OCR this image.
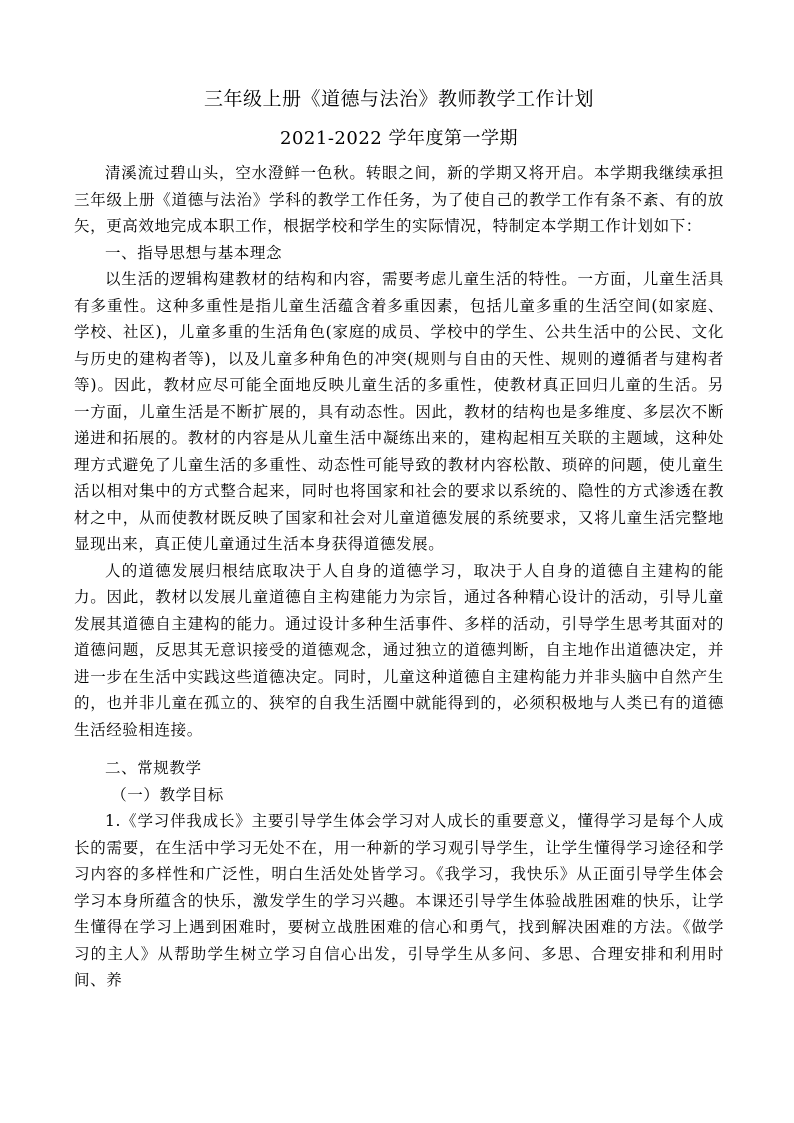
三年级上册《道德与法治》教师教学工作计划
2021-2022 学年度第一学期

清溪流过碧山头，空水澄鲜一色秋。转眼之间，新的学期又将开启。本学期我继续承担三年级上册《道德与法治》学科的教学工作任务，为了使自己的教学工作有条不紊、有的放矢，更高效地完成本职工作，根据学校和学生的实际情况，特制定本学期工作计划如下：

一、指导思想与基本理念

以生活的逻辑构建教材的结构和内容，需要考虑儿童生活的特性。一方面，儿童生活具有多重性。这种多重性是指儿童生活蕴含着多重因素，包括儿童多重的生活空间(如家庭、学校、社区)，儿童多重的生活角色(家庭的成员、学校中的学生、公共生活中的公民、文化与历史的建构者等)，以及儿童多种角色的冲突(规则与自由的天性、规则的遵循者与建构者等)。因此，教材应尽可能全面地反映儿童生活的多重性，使教材真正回归儿童的生活。另一方面，儿童生活是不断扩展的，具有动态性。因此，教材的结构也是多维度、多层次不断递进和拓展的。教材的内容是从儿童生活中凝练出来的，建构起相互关联的主题域，这种处理方式避免了儿童生活的多重性、动态性可能导致的教材内容松散、琐碎的问题，使儿童生活以相对集中的方式整合起来，同时也将国家和社会的要求以系统的、隐性的方式渗透在教材之中，从而使教材既反映了国家和社会对儿童道德发展的系统要求，又将儿童生活完整地显现出来，真正使儿童通过生活本身获得道德发展。

人的道德发展归根结底取决于人自身的道德学习，取决于人自身的道德自主建构的能力。因此，教材以发展儿童道德自主构建能力为宗旨，通过各种精心设计的活动，引导儿童发展其道德自主建构的能力。通过设计多种生活事件、多样的活动，引导学生思考其面对的道德问题，反思其无意识接受的道德观念，通过独立的道德判断，自主地作出道德决定，并进一步在生活中实践这些道德决定。同时，儿童这种道德自主建构能力并非头脑中自然产生的，也并非儿童在孤立的、狭窄的自我生活圈中就能得到的，必须积极地与人类已有的道德生活经验相连接。

二、常规教学

（一）教学目标

1.《学习伴我成长》主要引导学生体会学习对人成长的重要意义，懂得学习是每个人成长的需要，在生活中学习无处不在，用一种新的学习观引导学生，让学生懂得学习途径和学习内容的多样性和广泛性，明白生活处处皆学习。《我学习，我快乐》从正面引导学生体会学习本身所蕴含的快乐，激发学生的学习兴趣。本课还引导学生体验战胜困难的快乐，让学生懂得在学习上遇到困难时，要树立战胜困难的信心和勇气，找到解决困难的方法。《做学习的主人》从帮助学生树立学习自信心出发，引导学生从多问、多思、合理安排和利用时间、养
